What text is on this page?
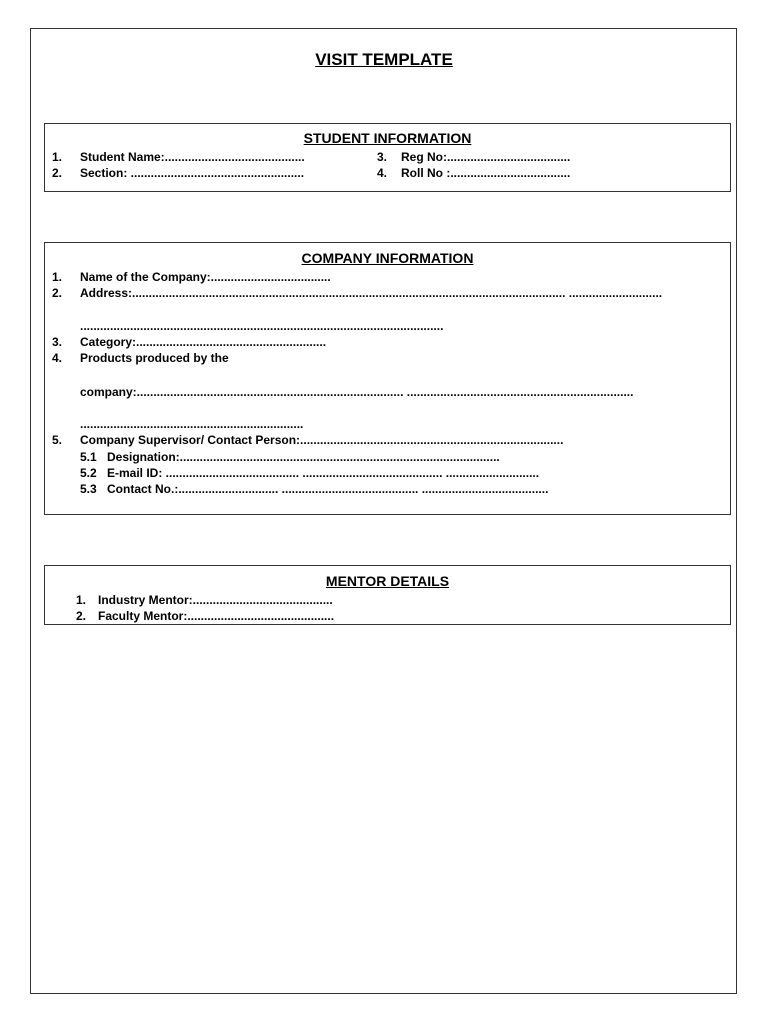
VISIT TEMPLATE
STUDENT INFORMATION
1. Student Name:..........................................	3. Reg No:.....................................
2. Section: ....................................................	4. Roll No :....................................
COMPANY INFORMATION
1. Name of the Company:....................................
2. Address:.................................................................................................................................. ............................
.............................................................................................................
3. Category:.........................................................
4. Products produced by the
company:................................................................................ ....................................................................
...................................................................
5. Company Supervisor/ Contact Person:...............................................................................
5.1 Designation:................................................................................................
5.2 E-mail ID: ........................................ .......................................... ............................
5.3 Contact No.:.............................. ......................................... ......................................
MENTOR DETAILS
1. Industry Mentor:..........................................
2. Faculty Mentor:............................................
